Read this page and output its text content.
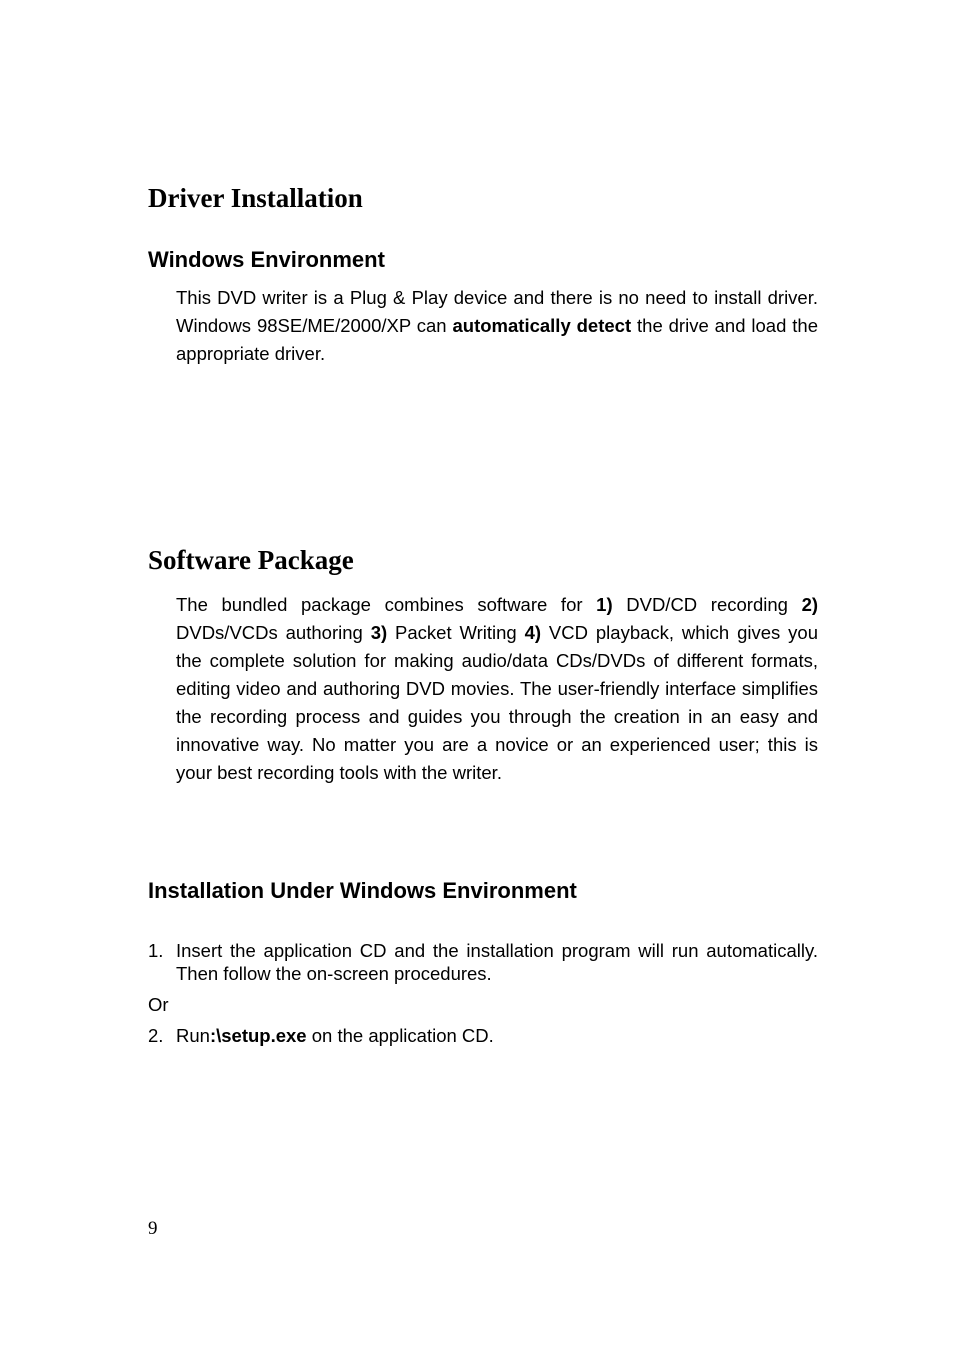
Driver Installation
Windows Environment

This DVD writer is a Plug & Play device and there is no need to install driver. Windows 98SE/ME/2000/XP can automatically detect the drive and load the appropriate driver.

Software Package

The bundled package combines software for 1) DVD/CD recording 2) DVDs/VCDs authoring 3) Packet Writing 4) VCD playback, which gives you the complete solution for making audio/data CDs/DVDs of different formats, editing video and authoring DVD movies. The user-friendly interface simplifies the recording process and guides you through the creation in an easy and innovative way. No matter you are a novice or an experienced user; this is your best recording tools with the writer.

Installation Under Windows Environment
1. Insert the application CD and the installation program will run automatically. Then follow the on-screen procedures.

Or
2. Run:\setup.exe on the application CD.

9
